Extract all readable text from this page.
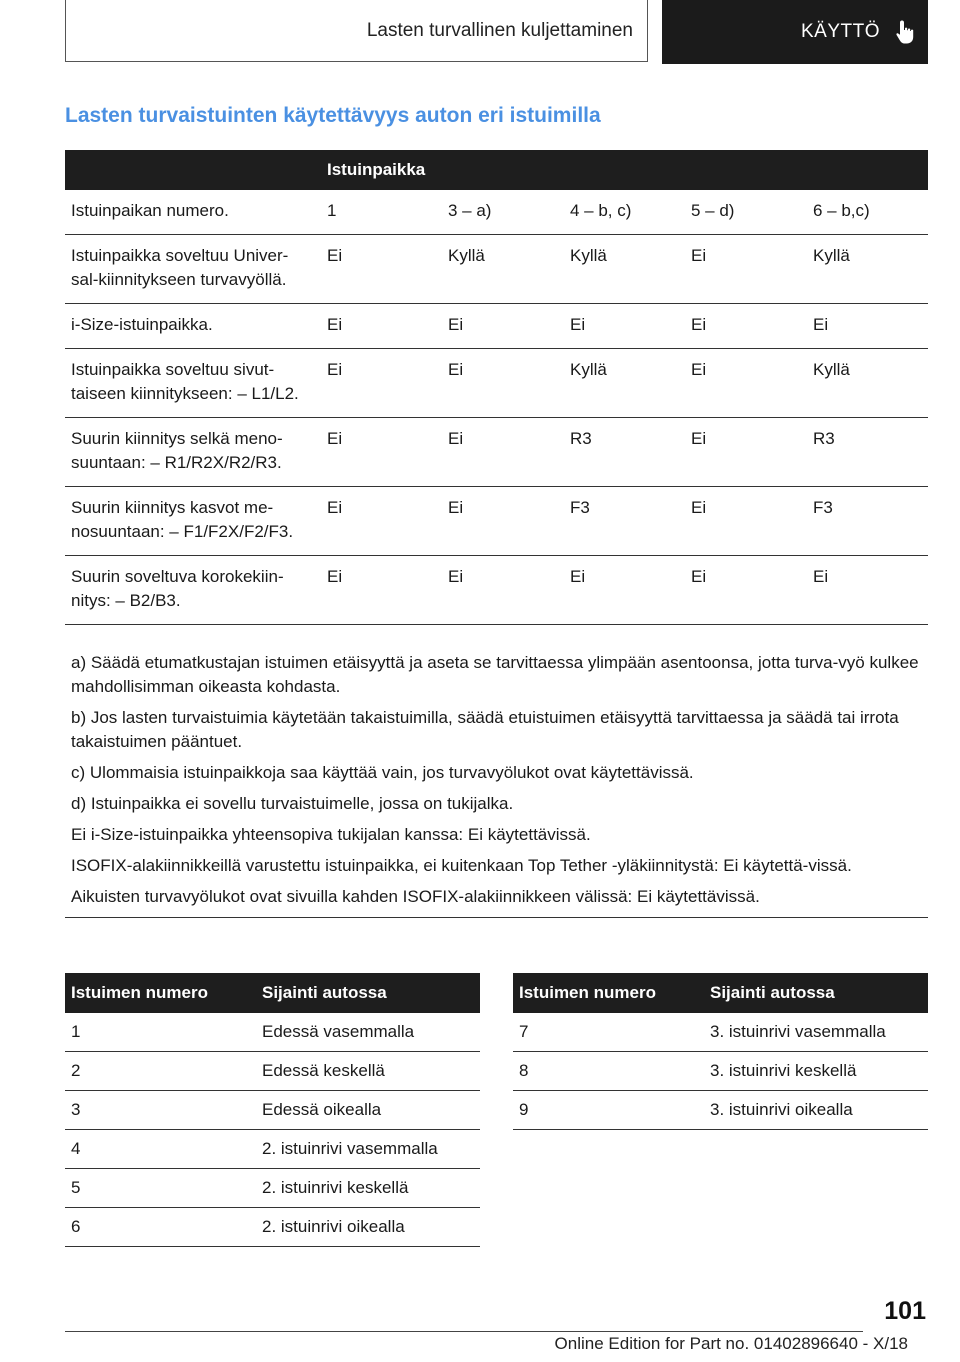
Lasten turvallinen kuljettaminen	KÄYTTÖ
Lasten turvaistuinten käytettävyys auton eri istuimilla
	Istuinpaikka				
Istuinpaikan numero.	1	3 – a)	4 – b, c)	5 – d)	6 – b,c)
Istuinpaikka soveltuu Univer-sal-kiinnitykseen turvavyöllä.	Ei	Kyllä	Kyllä	Ei	Kyllä
i-Size-istuinpaikka.	Ei	Ei	Ei	Ei	Ei
Istuinpaikka soveltuu sivut-taiseen kiinnitykseen: – L1/L2.	Ei	Ei	Kyllä	Ei	Kyllä
Suurin kiinnitys selkä meno-suuntaan: – R1/R2X/R2/R3.	Ei	Ei	R3	Ei	R3
Suurin kiinnitys kasvot me-nosuuntaan: – F1/F2X/F2/F3.	Ei	Ei	F3	Ei	F3
Suurin soveltuva korokekiin-nitys: – B2/B3.	Ei	Ei	Ei	Ei	Ei

a) Säädä etumatkustajan istuimen etäisyyttä ja aseta se tarvittaessa ylimpään asentoonsa, jotta turva-vyö kulkee mahdollisimman oikeasta kohdasta.

b) Jos lasten turvaistuimia käytetään takaistuimilla, säädä etuistuimen etäisyyttä tarvittaessa ja säädä tai irrota takaistuimen pääntuet.

c) Ulommaisia istuinpaikkoja saa käyttää vain, jos turvavyölukot ovat käytettävissä.

d) Istuinpaikka ei sovellu turvaistuimelle, jossa on tukijalka.

Ei i-Size-istuinpaikka yhteensopiva tukijalan kanssa: Ei käytettävissä.

ISOFIX-alakiinnikkeillä varustettu istuinpaikka, ei kuitenkaan Top Tether -yläkiinnitystä: Ei käytettä-vissä.

Aikuisten turvavyölukot ovat sivuilla kahden ISOFIX-alakiinnikkeen välissä: Ei käytettävissä.

Istuimen numero	Sijainti autossa
1	Edessä vasemmalla
2	Edessä keskellä
3	Edessä oikealla
4	2. istuinrivi vasemmalla
5	2. istuinrivi keskellä
6	2. istuinrivi oikealla
Istuimen numero	Sijainti autossa
7	3. istuinrivi vasemmalla
8	3. istuinrivi keskellä
9	3. istuinrivi oikealla
101
Online Edition for Part no. 01402896640 - X/18
